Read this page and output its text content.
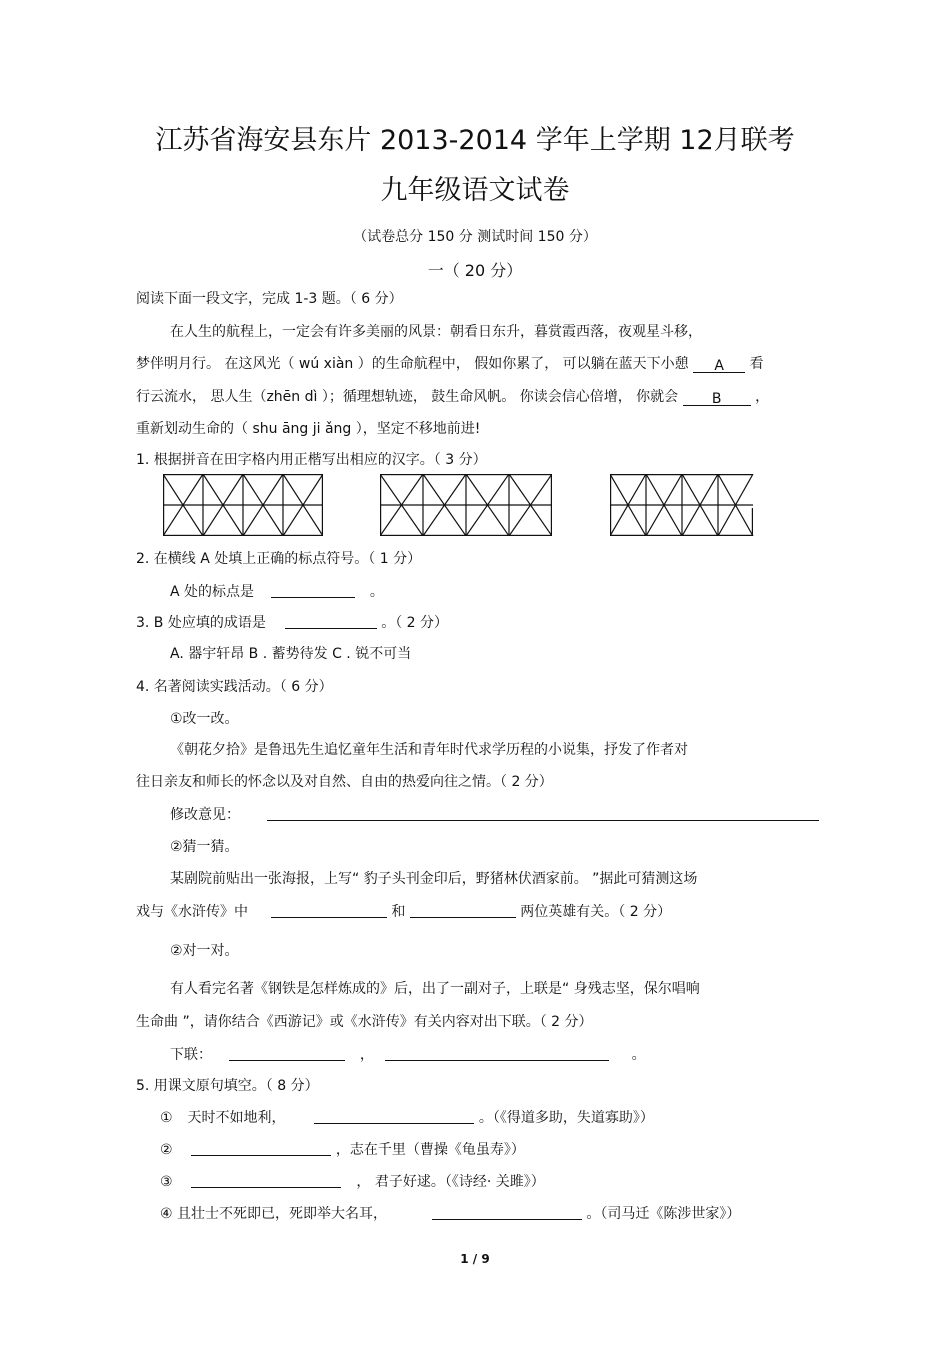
江苏省海安县东片 2013-2014 学年上学期 12月联考
九年级语文试卷
（试卷总分 150 分 测试时间 150 分）
一（ 20 分）
阅读下面一段文字，完成 1-3 题。（ 6 分）
在人生的航程上，一定会有许多美丽的风景：朝看日东升，暮赏霞西落，夜观星斗移，
梦伴明月行。 在这风光（ wú xiàn ）的生命航程中， 假如你累了， 可以躺在蓝天下小憩 A 看
行云流水， 思人生（zhēn dì ）；循理想轨迹， 鼓生命风帆。 你读会信心倍增， 你就会 B ，
重新划动生命的（ shu āng ji ǎng ），坚定不移地前进!
1. 根据拼音在田字格内用正楷写出相应的汉字。（ 3 分）
2. 在横线 A 处填上正确的标点符号。（ 1 分）
A 处的标点是	。
3. B 处应填的成语是	。（ 2 分）
A. 器宇轩昂 B . 蓄势待发 C . 锐不可当
4. 名著阅读实践活动。（ 6 分）
①改一改。
《朝花夕拾》是鲁迅先生追忆童年生活和青年时代求学历程的小说集，抒发了作者对
往日亲友和师长的怀念以及对自然、自由的热爱向往之情。（ 2 分）
修改意见：
②猜一猜。
某剧院前贴出一张海报，上写“ 豹子头刊金印后，野猪林伏酒家前。 ”据此可猜测这场
戏与《水浒传》中	和	两位英雄有关。（ 2 分）
②对一对。
有人看完名著《钢铁是怎样炼成的》后，出了一副对子，上联是“ 身残志坚，保尔唱响
生命曲 ”，请你结合《西游记》或《水浒传》有关内容对出下联。（ 2 分）
下联：	，	。
5. 用课文原句填空。（ 8 分）
① 天时不如地利，	。（《得道多助，失道寡助》）
②	，志在千里（曹操《龟虽寿》）
③	， 君子好逑。（《诗经· 关雎》）
④ 且壮士不死即已，死即举大名耳，	。（司马迁《陈涉世家》）
1 / 9
